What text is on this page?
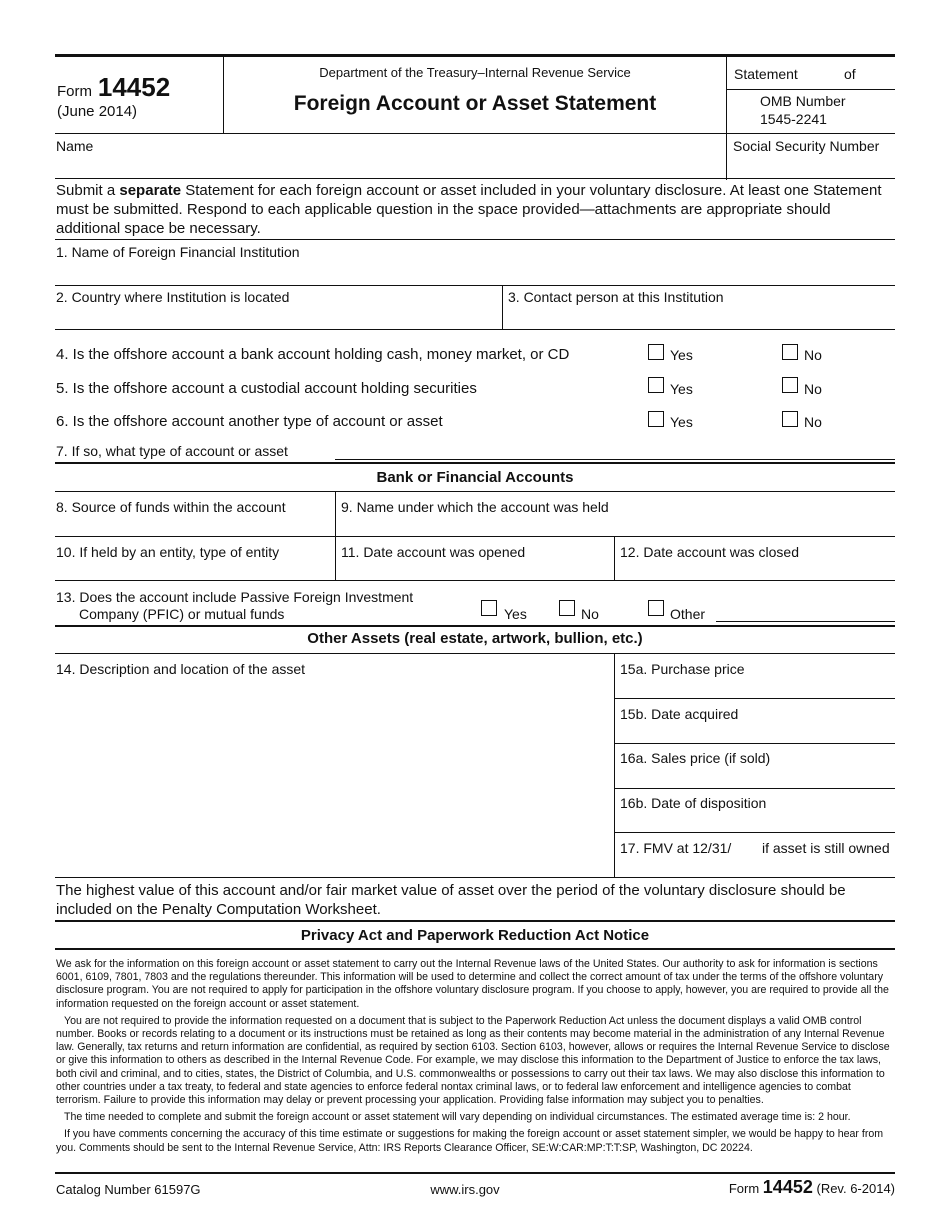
Form 14452
(June 2014)
Department of the Treasury–Internal Revenue Service
Foreign Account or Asset Statement
Statement	of
OMB Number
1545-2241
Name	Social Security Number
Submit a separate Statement for each foreign account or asset included in your voluntary disclosure. At least one Statement must be submitted. Respond to each applicable question in the space provided—attachments are appropriate should additional space be necessary.
1. Name of Foreign Financial Institution
2. Country where Institution is located	3. Contact person at this Institution
4. Is the offshore account a bank account holding cash, money market, or CD	Yes	No
5. Is the offshore account a custodial account holding securities	Yes	No
6. Is the offshore account another type of account or asset	Yes	No
7. If so, what type of account or asset
Bank or Financial Accounts
8. Source of funds within the account	9. Name under which the account was held
10. If held by an entity, type of entity	11. Date account was opened	12. Date account was closed
13. Does the account include Passive Foreign Investment
Company (PFIC) or mutual funds	Yes	No	Other
Other Assets (real estate, artwork, bullion, etc.)
14. Description and location of the asset	15a. Purchase price
15b. Date acquired
16a. Sales price (if sold)
16b. Date of disposition
17. FMV at 12/31/ if asset is still owned
The highest value of this account and/or fair market value of asset over the period of the voluntary disclosure should be included on the Penalty Computation Worksheet.
Privacy Act and Paperwork Reduction Act Notice

We ask for the information on this foreign account or asset statement to carry out the Internal Revenue laws of the United States. Our authority to ask for information is sections 6001, 6109, 7801, 7803 and the regulations thereunder. This information will be used to determine and collect the correct amount of tax under the terms of the offshore voluntary disclosure program. You are not required to apply for participation in the offshore voluntary disclosure program. If you choose to apply, however, you are required to provide all the information requested on the foreign account or asset statement.

You are not required to provide the information requested on a document that is subject to the Paperwork Reduction Act unless the document displays a valid OMB control number. Books or records relating to a document or its instructions must be retained as long as their contents may become material in the administration of any Internal Revenue law. Generally, tax returns and return information are confidential, as required by section 6103. Section 6103, however, allows or requires the Internal Revenue Service to disclose or give this information to others as described in the Internal Revenue Code. For example, we may disclose this information to the Department of Justice to enforce the tax laws, both civil and criminal, and to cities, states, the District of Columbia, and U.S. commonwealths or possessions to carry out their tax laws. We may also disclose this information to other countries under a tax treaty, to federal and state agencies to enforce federal nontax criminal laws, or to federal law enforcement and intelligence agencies to combat terrorism. Failure to provide this information may delay or prevent processing your application. Providing false information may subject you to penalties.

The time needed to complete and submit the foreign account or asset statement will vary depending on individual circumstances. The estimated average time is: 2 hour.

If you have comments concerning the accuracy of this time estimate or suggestions for making the foreign account or asset statement simpler, we would be happy to hear from you. Comments should be sent to the Internal Revenue Service, Attn: IRS Reports Clearance Officer, SE:W:CAR:MP:T:T:SP, Washington, DC 20224.

Catalog Number 61597G	www.irs.gov	Form 14452 (Rev. 6-2014)
